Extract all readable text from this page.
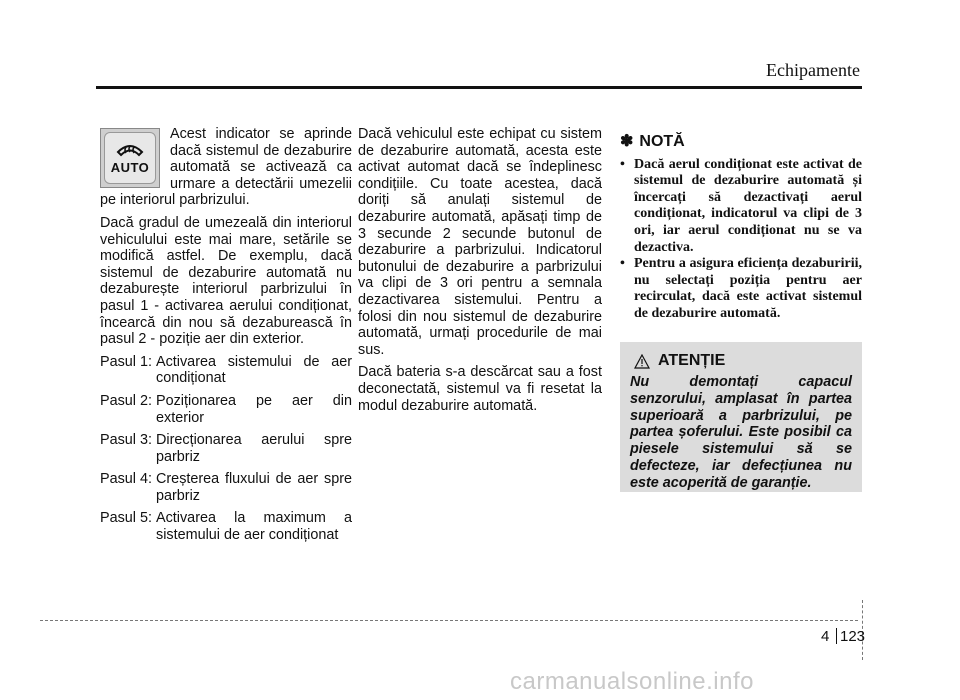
Echipamente
AUTO

Acest indicator se aprinde dacă sistemul de dezaburire automată se activează ca urmare a detectării umezelii pe interiorul parbrizului.

Dacă gradul de umezeală din interiorul vehiculului este mai mare, setările se modifică astfel. De exemplu, dacă sistemul de dezaburire automată nu dezaburește interiorul parbrizului în pasul 1 - activarea aerului condiționat, încearcă din nou să dezaburească în pasul 2 - poziție aer din exterior.

Pasul 1: Activarea sistemului de aer condiționat
Pasul 2: Poziționarea pe aer din exterior
Pasul 3: Direcționarea aerului spre parbriz
Pasul 4: Creșterea fluxului de aer spre parbriz
Pasul 5: Activarea la maximum a sistemului de aer condiționat

Dacă vehiculul este echipat cu sistem de dezaburire automată, acesta este activat automat dacă se îndeplinesc condițiile. Cu toate acestea, dacă doriți să anulați sistemul de dezaburire automată, apăsați timp de 3 secunde 2 secunde butonul de dezaburire a parbrizului. Indicatorul butonului de dezaburire a parbrizului va clipi de 3 ori pentru a semnala dezactivarea sistemului. Pentru a folosi din nou sistemul de dezaburire automată, urmați procedurile de mai sus.

Dacă bateria s-a descărcat sau a fost deconectată, sistemul va fi resetat la modul dezaburire automată.

✽ NOTĂ
• Dacă aerul condiționat este activat de sistemul de dezaburire automată și încercați să dezactivați aerul condiționat, indicatorul va clipi de 3 ori, iar aerul condiționat nu se va dezactiva.
• Pentru a asigura eficiența dezaburirii, nu selectați poziția pentru aer recirculat, dacă este activat sistemul de dezaburire automată.
ATENȚIE
Nu demontați capacul senzorului, amplasat în partea superioară a parbrizului, pe partea șoferului. Este posibil ca piesele sistemului să se defecteze, iar defecțiunea nu este acoperită de garanție.
4 123
carmanualsonline.info
